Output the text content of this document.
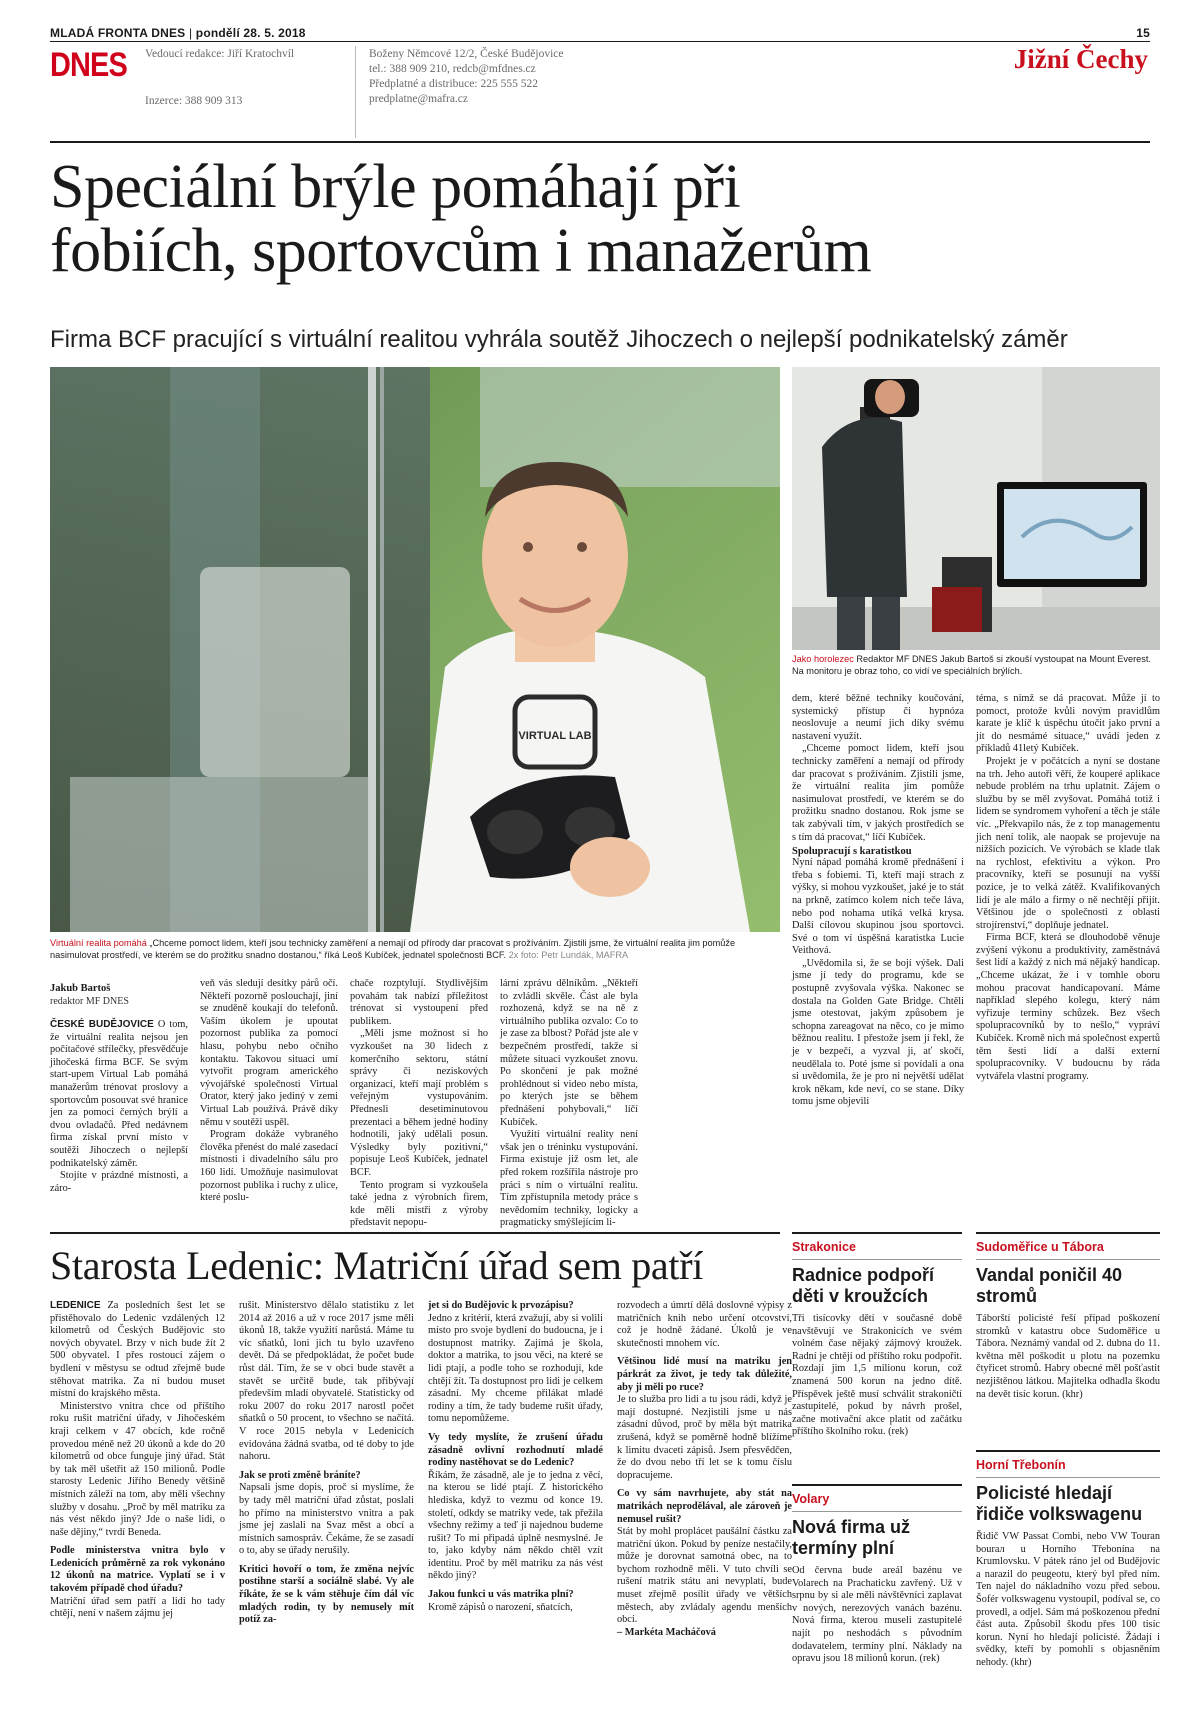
MLADÁ FRONTA DNES | pondělí 28. 5. 2018	15
DNES Vedoucí redakce: Jiří Kratochvíl
Inzerce: 388 909 313
Boženy Němcové 12/2, České Budějovice
tel.: 388 909 210, redcb@mfdnes.cz
Předplatné a distribuce: 225 555 522
predplatne@mafra.cz
Jižní Čechy
Speciální brýle pomáhají při
fobiích, sportovcům i manažerům
Firma BCF pracující s virtuální realitou vyhrála soutěž Jihoczech o nejlepší podnikatelský záměr
VIRTUAL LAB
Jako horolezec Redaktor MF DNES Jakub Bartoš si zkouší vystoupat na Mount Everest. Na monitoru je obraz toho, co vidí ve speciálních brýlích.
Virtuální realita pomáhá „Chceme pomoct lidem, kteří jsou technicky zaměření a nemají od přírody dar pracovat s prožíváním. Zjistili jsme, že virtuální realita jim pomůže nasimulovat prostředí, ve kterém se do prožitku snadno dostanou,“ říká Leoš Kubíček, jednatel společnosti BCF. 2x foto: Petr Lundák, MAFRA
Jakub Bartoš
redaktor MF DNES

ČESKÉ BUDĚJOVICE O tom, že virtuální realita nejsou jen počítačové střílečky, přesvědčuje jihočeská firma BCF. Se svým start-upem Virtual Lab pomáhá manažerům trénovat proslovy a sportovcům posouvat své hranice jen za pomoci černých brýlí a dvou ovladačů. Před nedávnem firma získal první místo v soutěži Jihoczech o nejlepší podnikatelský záměr.

Stojíte v prázdné místnosti, a záro-

veň vás sledují desítky párů očí. Někteří pozorně poslouchají, jiní se znuděně koukají do telefonů. Vaším úkolem je upoutat pozornost publika za pomocí hlasu, pohybu nebo očního kontaktu. Takovou situaci umí vytvořit program amerického vývojářské společnosti Virtual Orator, který jako jediný v zemi Virtual Lab používá. Právě díky němu v soutěži uspěl.

Program dokáže vybraného člověka přenést do malé zasedací místnosti i divadelního sálu pro 160 lidí. Umožňuje nasimulovat pozornost publika i ruchy z ulice, které poslu-

chače rozptylují. Stydlivějším povahám tak nabízí příležitost trénovat si vystoupení před publikem.

„Měli jsme možnost si ho vyzkoušet na 30 lidech z komerčního sektoru, státní správy či neziskových organizací, kteří mají problém s veřejným vystupováním. Přednesli desetiminutovou prezentaci a během jedné hodiny hodnotili, jaký udělali posun. Výsledky byly pozitivní,“ popisuje Leoš Kubíček, jednatel BCF.

Tento program si vyzkoušela také jedna z výrobních firem, kde měli mistři z výroby představit nepopu-

lární zprávu dělníkům. „Někteří to zvládli skvěle. Část ale byla rozhozená, když se na ně z virtuálního publika ozvalo: Co to je zase za blbost? Pořád jste ale v bezpečném prostředí, takže si můžete situaci vyzkoušet znovu. Po skončení je pak možné prohlédnout si video nebo místa, po kterých jste se během přednášení pohybovali,“ líčí Kubíček.

Využití virtuální reality není však jen o tréninku vystupování. Firma existuje již osm let, ale před rokem rozšířila nástroje pro práci s ním o virtuální realitu. Tím zpřístupnila metody práce s nevědomím techniky, logicky a pragmaticky smýšlejícím li-

dem, které běžné techniky koučování, systemický přístup či hypnóza neoslovuje a neumí jich díky svému nastavení využít.

„Chceme pomoct lidem, kteří jsou technicky zaměření a nemají od přírody dar pracovat s prožíváním. Zjistili jsme, že virtuální realita jim pomůže nasimulovat prostředí, ve kterém se do prožitku snadno dostanou. Rok jsme se tak zabývali tím, v jakých prostředích se s tím dá pracovat,“ líčí Kubíček.

Spolupracují s karatistkou

Nyní nápad pomáhá kromě přednášení i třeba s fobiemi. Ti, kteří mají strach z výšky, si mohou vyzkoušet, jaké je to stát na prkně, zatímco kolem nich teče láva, nebo pod nohama utíká velká krysa. Další cílovou skupinou jsou sportovci. Své o tom ví úspěšná karatistka Lucie Veithová.

„Uvědomila si, že se bojí výšek. Dali jsme jí tedy do programu, kde se postupně zvyšovala výška. Nakonec se dostala na Golden Gate Bridge. Chtěli jsme otestovat, jakým způsobem je schopna zareagovat na něco, co je mimo běžnou realitu. I přestože jsem jí řekl, že je v bezpečí, a vyzval ji, ať skočí, neudělala to. Poté jsme si povídali a ona si uvědomila, že je pro ni největší udělat krok někam, kde neví, co se stane. Díky tomu jsme objevili

téma, s nímž se dá pracovat. Může jí to pomoct, protože kvůli novým pravidlům karate je klíč k úspěchu útočit jako první a jít do nesmámé situace,“ uvádí jeden z příkladů 41letý Kubíček.

Projekt je v počátcích a nyní se dostane na trh. Jeho autoři věří, že kouperé aplikace nebude problém na trhu uplatnit. Zájem o službu by se měl zvyšovat. Pomáhá totiž i lidem se syndromem vyhoření a těch je stále víc. „Překvapilo nás, že z top managementu jich není tolik, ale naopak se projevuje na nižších pozicích. Ve výrobách se klade tlak na rychlost, efektivitu a výkon. Pro pracovníky, kteří se posunují na vyšší pozice, je to velká zátěž. Kvalifikovaných lidí je ale málo a firmy o ně nechtějí přijít. Většinou jde o společnosti z oblasti strojírenství,“ doplňuje jednatel.

Firma BCF, která se dlouhodobě věnuje zvýšení výkonu a produktivity, zaměstnává šest lidí a každý z nich má nějaký handicap. „Chceme ukázat, že i v tomhle oboru mohou pracovat handicapovaní. Máme například slepého kolegu, který nám vyřizuje terminy schůzek. Bez všech spolupracovníků by to nešlo,“ vypráví Kubíček. Kromě nich má společnost expertů těm šesti lidí a další externí spolupracovníky. V budoucnu by ráda vytvářela vlastní programy.

Starosta Ledenic: Matriční úřad sem patří

LEDENICE Za posledních šest let se přistěhovalo do Ledenic vzdálených 12 kilometrů od Českých Budějovic sto nových obyvatel. Brzy v nich bude žít 2 500 obyvatel. I přes rostoucí zájem o bydlení v městysu se odtud zřejmě bude stěhovat matrika. Za ní budou muset místní do krajského města.

Ministerstvo vnitra chce od příštího roku rušit matriční úřady, v Jihočeském kraji celkem v 47 obcích, kde ročně provedou méně než 20 úkonů a kde do 20 kilometrů od obce funguje jiný úřad. Stát by tak měl ušetřit až 150 milionů. Podle starosty Ledenic Jiřího Benedy většině místních záleží na tom, aby měli všechny služby v dosahu. „Proč by měl matriku za nás vést někdo jiný? Jde o naše lidi, o naše dějiny,“ tvrdí Beneda.

Podle ministerstva vnitra bylo v Ledenicích průměrně za rok vykonáno 12 úkonů na matrice. Vyplatí se i v takovém případě chod úřadu?

Matriční úřad sem patří a lidi ho tady chtějí, není v našem zájmu jej

rušit. Ministerstvo dělalo statistiku z let 2014 až 2016 a už v roce 2017 jsme měli úkonů 18, takže využití narůstá. Máme tu víc sňatků, loni jich tu bylo uzavřeno devět. Dá se předpokládat, že počet bude růst dál. Tím, že se v obci bude stavět a stavět se určitě bude, tak přibývají především mladí obyvatelé. Statisticky od roku 2007 do roku 2017 narostl počet sňatků o 50 procent, to všechno se načítá. V roce 2015 nebyla v Ledenicích evidována žádná svatba, od té doby to jde nahoru.

Jak se proti změně bráníte?

Napsali jsme dopis, proč si myslíme, že by tady měl matriční úřad zůstat, poslali ho přímo na ministerstvo vnitra a pak jsme jej zaslali na Svaz měst a obcí a místních samospráv. Čekáme, že se zasadí o to, aby se úřady nerušily.

Kritici hovoří o tom, že změna nejvíc postihne starší a sociálně slabé. Vy ale říkáte, že se k vám stěhuje čím dál víc mladých rodin, ty by nemusely mít potíž za-

jet si do Budějovic k prvozápisu?

Jedno z kritérií, která zvažují, aby si volili místo pro svoje bydlení do budoucna, je i dostupnost matriky. Zajímá je škola, doktor a matrika, to jsou věci, na které se lidi ptají, a podle toho se rozhodují, kde chtějí žít. Ta dostupnost pro lidi je celkem zásadní. My chceme přilákat mladé rodiny a tím, že tady budeme rušit úřady, tomu nepomůžeme.

Vy tedy myslíte, že zrušení úřadu zásadně ovlivní rozhodnutí mladé rodiny nastěhovat se do Ledenic?

Říkám, že zásadně, ale je to jedna z věcí, na kterou se lidé ptají. Z historického hlediska, když to vezmu od konce 19. století, odkdy se matriky vede, tak přežila všechny režimy a teď ji najednou budeme rušit? To mi připadá úplně nesmyslné. Je to, jako kdyby nám někdo chtěl vzít identitu. Proč by měl matriku za nás vést někdo jiný?

Jakou funkci u vás matrika plní?

Kromě zápisů o narození, sňatcích,

rozvodech a úmrtí dělá doslovné výpisy z matričních knih nebo určení otcovství, což je hodně žádané. Úkolů je ve skutečnosti mnohem víc.

Většinou lidé musí na matriku jen párkrát za život, je tedy tak důležité, aby ji měli po ruce?

Je to služba pro lidi a tu jsou rádi, když je mají dostupné. Nezjistili jsme u nás zásadní důvod, proč by měla být matrika zrušená, když se poměrně hodně blížíme k limitu dvaceti zápisů. Jsem přesvědčen, že do dvou nebo tří let se k tomu číslu dopracujeme.

Co vy sám navrhujete, aby stát na matrikách neprodělával, ale zároveň je nemusel rušit?

Stát by mohl proplácet paušální částku za matriční úkon. Pokud by peníze nestačily, může je dorovnat samotná obec, na to bychom rozhodně měli. V tuto chvíli se rušení matrik státu ani nevyplatí, bude muset zřejmě posílit úřady ve větších městech, aby zvládaly agendu menších obcí.

– Markéta Macháčová

Strakonice
Radnice podpoří děti v kroužcích
Tři tisícovky dětí v současné době navštěvují ve Strakonicích ve svém volném čase nějaký zájmový kroužek. Radní je chtějí od příštího roku podpořit. Rozdají jim 1,5 milionu korun, což znamená 500 korun na jedno dítě. Příspěvek ještě musí schválit strakoničtí zastupitelé, pokud by návrh prošel, začne motivační akce platit od začátku příštího školního roku. (rek)
Volary
Nová firma už termíny plní
Od června bude areál bazénu ve Volarech na Prachaticku zavřený. Už v srpnu by si ale měli návštěvníci zaplavat v nových, nerezových vanách bazénu. Nová firma, kterou museli zastupitelé najít po neshodách s původním dodavatelem, termíny plní. Náklady na opravu jsou 18 milionů korun. (rek)
Sudoměřice u Tábora
Vandal poničil 40 stromů
Táborští policisté řeší případ poškození stromků v katastru obce Sudoměřice u Tábora. Neznámý vandal od 2. dubna do 11. května měl poškodit u plotu na pozemku čtyřicet stromů. Habry obecné měl pošťastit nezjištěnou látkou. Majitelka odhadla škodu na devět tisíc korun. (khr)
Horní Třebonín
Policisté hledají řidiče volkswagenu
Řidič VW Passat Combi, nebo VW Touran bourал u Horního Třebonína na Krumlovsku. V pátek ráno jel od Budějovic a narazil do peugeotu, který byl před ním. Ten najel do nákladního vozu před sebou. Šofér volkswagenu vystoupil, podíval se, co provedl, a odjel. Sám má poškozenou přední část auta. Způsobil škodu přes 100 tisíc korun. Nyní ho hledají policisté. Žádají i svědky, kteří by pomohli s objasněním nehody. (khr)
